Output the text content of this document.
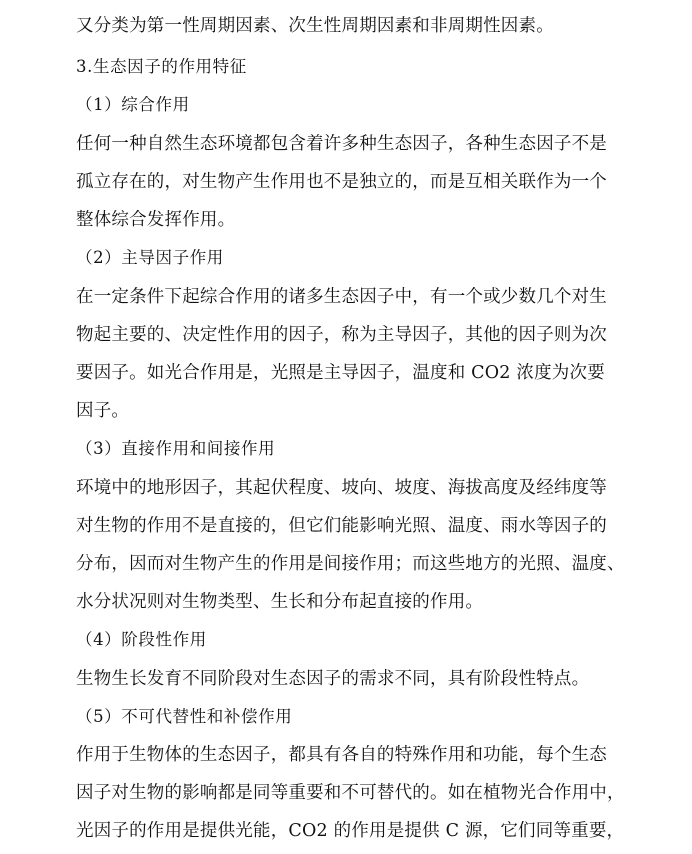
又分类为第一性周期因素、次生性周期因素和非周期性因素。
3.生态因子的作用特征
（1）综合作用
任何一种自然生态环境都包含着许多种生态因子，各种生态因子不是
孤立存在的，对生物产生作用也不是独立的，而是互相关联作为一个
整体综合发挥作用。
（2）主导因子作用
在一定条件下起综合作用的诸多生态因子中，有一个或少数几个对生
物起主要的、决定性作用的因子，称为主导因子，其他的因子则为次
要因子。如光合作用是，光照是主导因子，温度和 CO2 浓度为次要
因子。
（3）直接作用和间接作用
环境中的地形因子，其起伏程度、坡向、坡度、海拔高度及经纬度等
对生物的作用不是直接的，但它们能影响光照、温度、雨水等因子的
分布，因而对生物产生的作用是间接作用；而这些地方的光照、温度、
水分状况则对生物类型、生长和分布起直接的作用。
（4）阶段性作用
生物生长发育不同阶段对生态因子的需求不同，具有阶段性特点。
（5）不可代替性和补偿作用
作用于生物体的生态因子，都具有各自的特殊作用和功能，每个生态
因子对生物的影响都是同等重要和不可替代的。如在植物光合作用中，
光因子的作用是提供光能，CO2 的作用是提供 C 源，它们同等重要，
